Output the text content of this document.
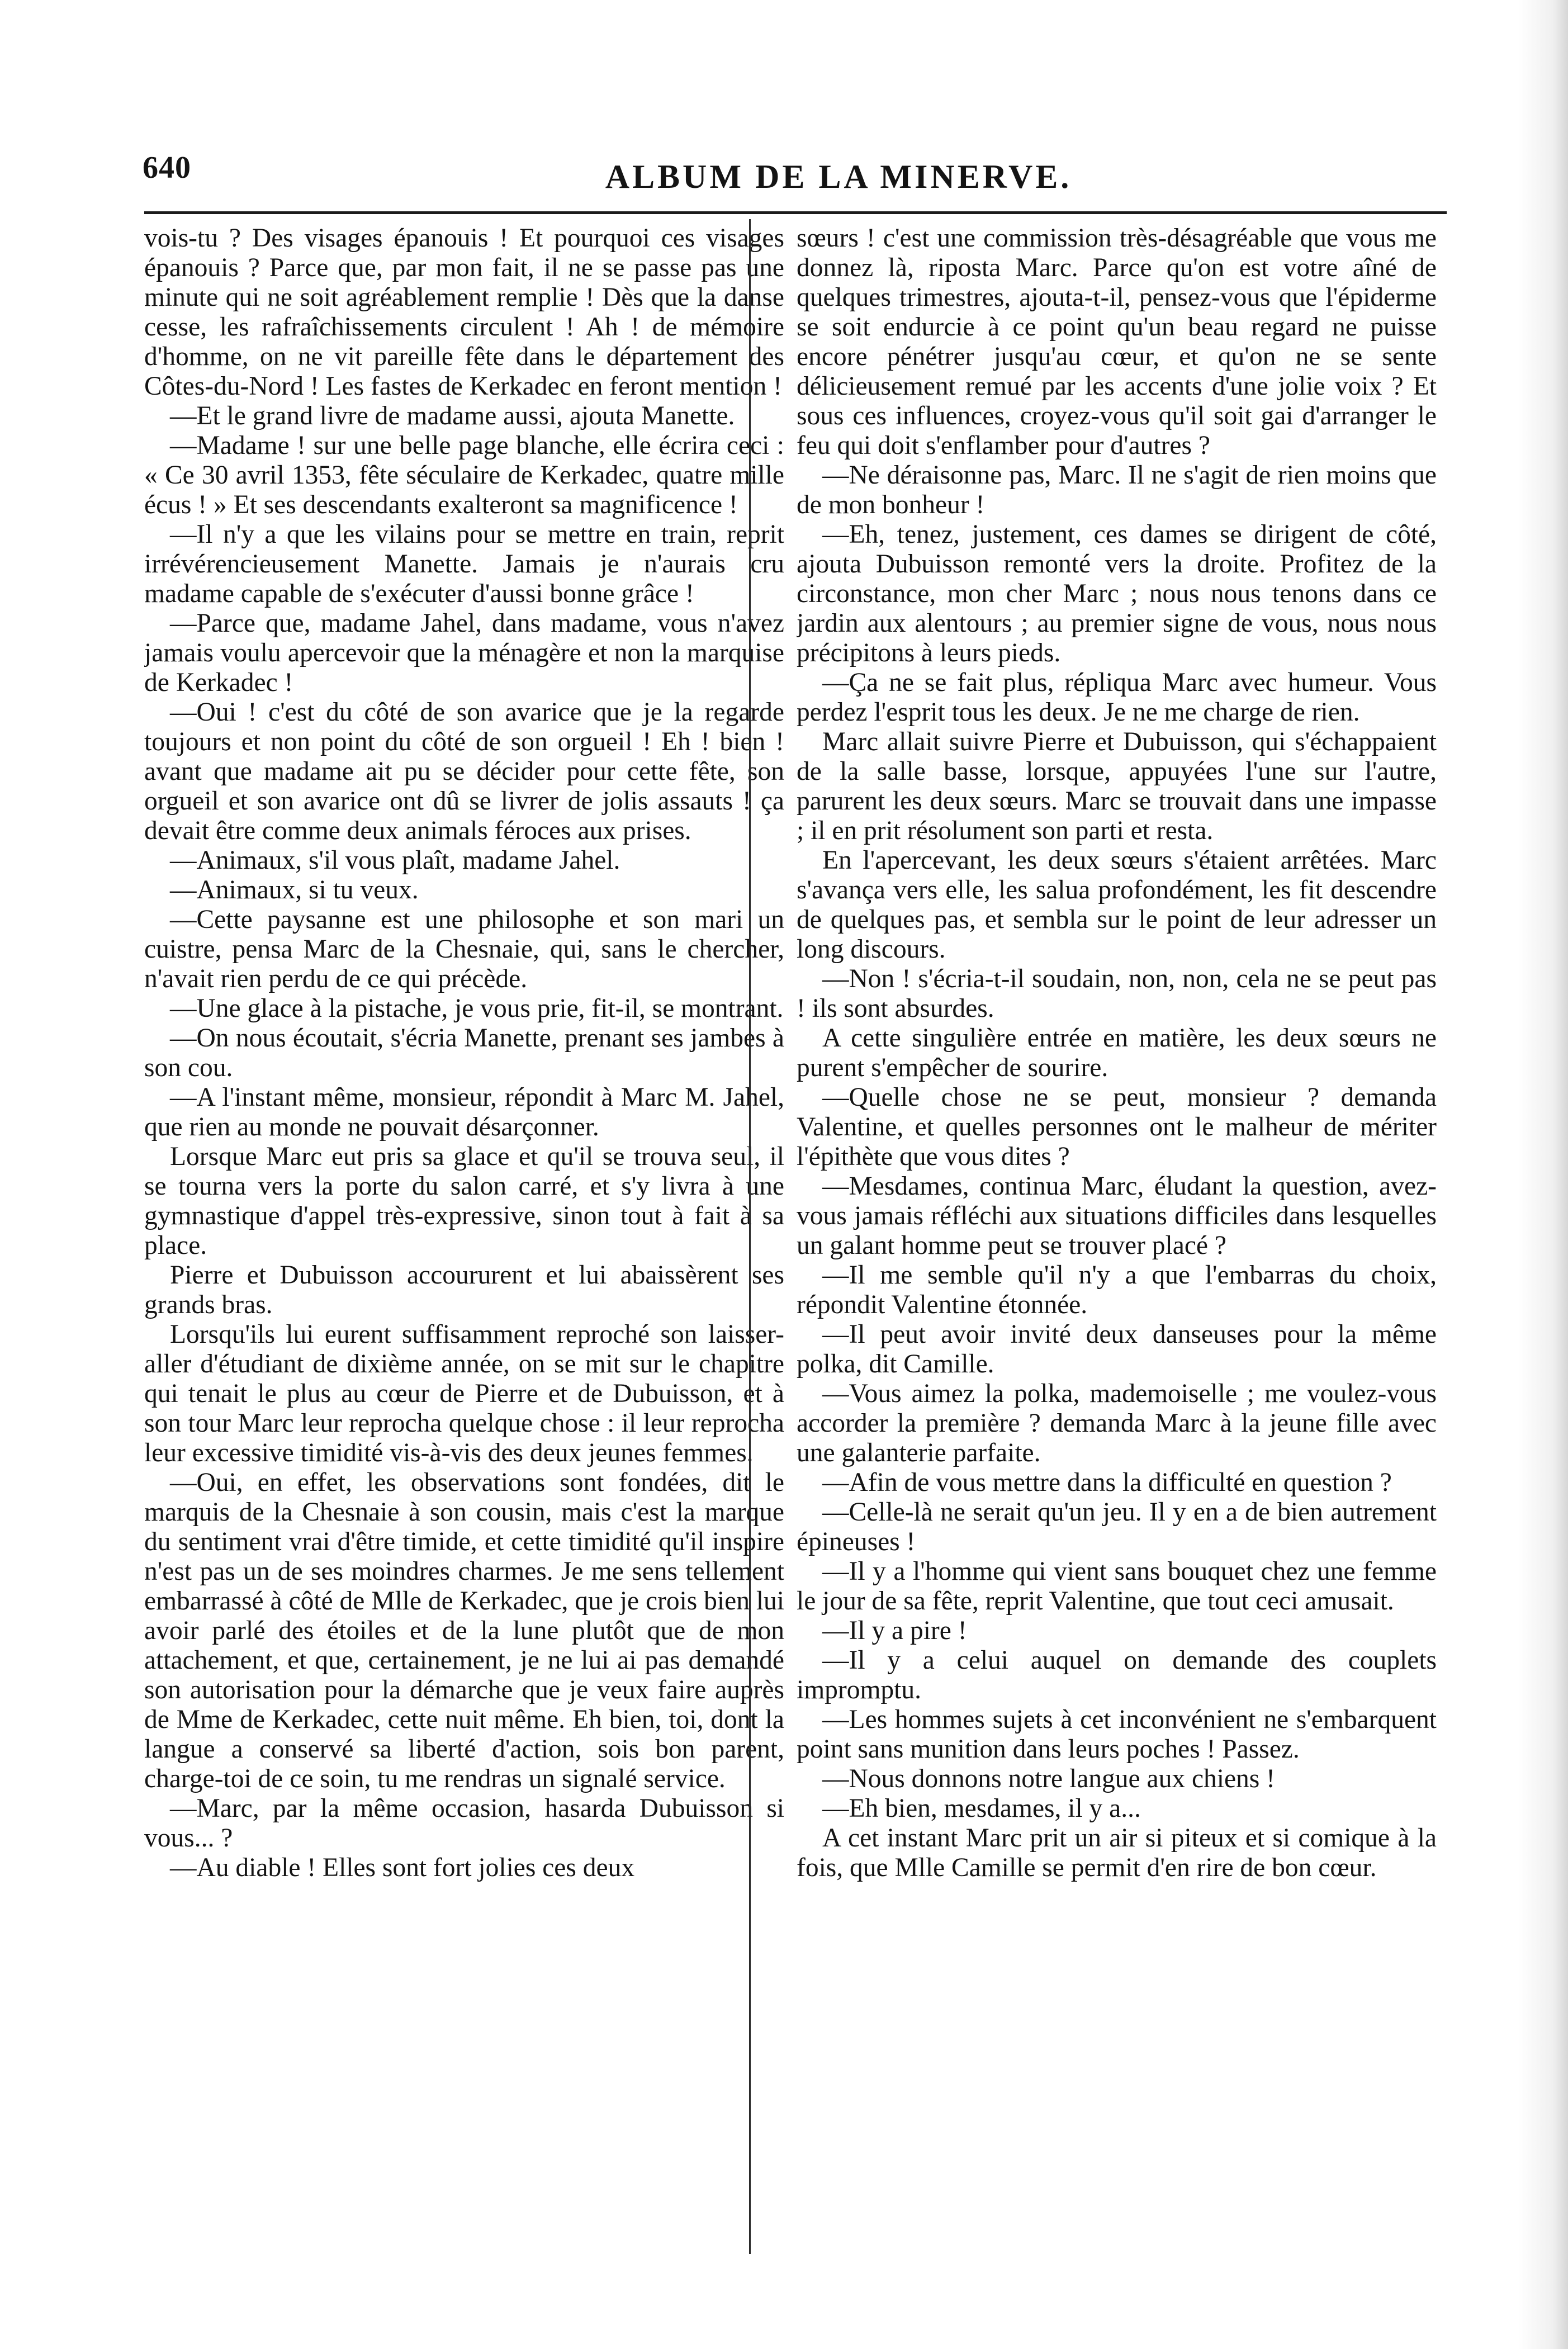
640	ALBUM DE LA MINERVE.

vois-tu ? Des visages épanouis ! Et pourquoi ces visages épanouis ? Parce que, par mon fait, il ne se passe pas une minute qui ne soit agréablement remplie ! Dès que la danse cesse, les rafraîchissements circulent ! Ah ! de mémoire d'homme, on ne vit pareille fête dans le département des Côtes-du-Nord ! Les fastes de Kerkadec en feront mention !

—Et le grand livre de madame aussi, ajouta Manette.

—Madame ! sur une belle page blanche, elle écrira ceci : « Ce 30 avril 1353, fête séculaire de Kerkadec, quatre mille écus ! » Et ses descendants exalteront sa magnificence !

—Il n'y a que les vilains pour se mettre en train, reprit irrévérencieusement Manette. Jamais je n'aurais cru madame capable de s'exécuter d'aussi bonne grâce !

—Parce que, madame Jahel, dans madame, vous n'avez jamais voulu apercevoir que la ménagère et non la marquise de Kerkadec !

—Oui ! c'est du côté de son avarice que je la regarde toujours et non point du côté de son orgueil ! Eh ! bien ! avant que madame ait pu se décider pour cette fête, son orgueil et son avarice ont dû se livrer de jolis assauts ! ça devait être comme deux animals féroces aux prises.

—Animaux, s'il vous plaît, madame Jahel.

—Animaux, si tu veux.

—Cette paysanne est une philosophe et son mari un cuistre, pensa Marc de la Chesnaie, qui, sans le chercher, n'avait rien perdu de ce qui précède.

—Une glace à la pistache, je vous prie, fit-il, se montrant.

—On nous écoutait, s'écria Manette, prenant ses jambes à son cou.

—A l'instant même, monsieur, répondit à Marc M. Jahel, que rien au monde ne pouvait désarçonner.

Lorsque Marc eut pris sa glace et qu'il se trouva seul, il se tourna vers la porte du salon carré, et s'y livra à une gymnastique d'appel très-expressive, sinon tout à fait à sa place.

Pierre et Dubuisson accoururent et lui abaissèrent ses grands bras.

Lorsqu'ils lui eurent suffisamment reproché son laisser-aller d'étudiant de dixième année, on se mit sur le chapitre qui tenait le plus au cœur de Pierre et de Dubuisson, et à son tour Marc leur reprocha quelque chose : il leur reprocha leur excessive timidité vis-à-vis des deux jeunes femmes.

—Oui, en effet, les observations sont fondées, dit le marquis de la Chesnaie à son cousin, mais c'est la marque du sentiment vrai d'être timide, et cette timidité qu'il inspire n'est pas un de ses moindres charmes. Je me sens tellement embarrassé à côté de Mlle de Kerkadec, que je crois bien lui avoir parlé des étoiles et de la lune plutôt que de mon attachement, et que, certainement, je ne lui ai pas demandé son autorisation pour la démarche que je veux faire auprès de Mme de Kerkadec, cette nuit même. Eh bien, toi, dont la langue a conservé sa liberté d'action, sois bon parent, charge-toi de ce soin, tu me rendras un signalé service.

—Marc, par la même occasion, hasarda Dubuisson si vous... ?

—Au diable ! Elles sont fort jolies ces deux

sœurs ! c'est une commission très-désagréable que vous me donnez là, riposta Marc. Parce qu'on est votre aîné de quelques trimestres, ajouta-t-il, pensez-vous que l'épiderme se soit endurcie à ce point qu'un beau regard ne puisse encore pénétrer jusqu'au cœur, et qu'on ne se sente délicieusement remué par les accents d'une jolie voix ? Et sous ces influences, croyez-vous qu'il soit gai d'arranger le feu qui doit s'enflamber pour d'autres ?

—Ne déraisonne pas, Marc. Il ne s'agit de rien moins que de mon bonheur !

—Eh, tenez, justement, ces dames se dirigent de côté, ajouta Dubuisson remonté vers la droite. Profitez de la circonstance, mon cher Marc ; nous nous tenons dans ce jardin aux alentours ; au premier signe de vous, nous nous précipitons à leurs pieds.

—Ça ne se fait plus, répliqua Marc avec humeur. Vous perdez l'esprit tous les deux. Je ne me charge de rien.

Marc allait suivre Pierre et Dubuisson, qui s'échappaient de la salle basse, lorsque, appuyées l'une sur l'autre, parurent les deux sœurs. Marc se trouvait dans une impasse ; il en prit résolument son parti et resta.

En l'apercevant, les deux sœurs s'étaient arrêtées. Marc s'avança vers elle, les salua profondément, les fit descendre de quelques pas, et sembla sur le point de leur adresser un long discours.

—Non ! s'écria-t-il soudain, non, non, cela ne se peut pas ! ils sont absurdes.

A cette singulière entrée en matière, les deux sœurs ne purent s'empêcher de sourire.

—Quelle chose ne se peut, monsieur ? demanda Valentine, et quelles personnes ont le malheur de mériter l'épithète que vous dites ?

—Mesdames, continua Marc, éludant la question, avez-vous jamais réfléchi aux situations difficiles dans lesquelles un galant homme peut se trouver placé ?

—Il me semble qu'il n'y a que l'embarras du choix, répondit Valentine étonnée.

—Il peut avoir invité deux danseuses pour la même polka, dit Camille.

—Vous aimez la polka, mademoiselle ; me voulez-vous accorder la première ? demanda Marc à la jeune fille avec une galanterie parfaite.

—Afin de vous mettre dans la difficulté en question ?

—Celle-là ne serait qu'un jeu. Il y en a de bien autrement épineuses !

—Il y a l'homme qui vient sans bouquet chez une femme le jour de sa fête, reprit Valentine, que tout ceci amusait.

—Il y a pire !

—Il y a celui auquel on demande des couplets impromptu.

—Les hommes sujets à cet inconvénient ne s'embarquent point sans munition dans leurs poches ! Passez.

—Nous donnons notre langue aux chiens !

—Eh bien, mesdames, il y a...

A cet instant Marc prit un air si piteux et si comique à la fois, que Mlle Camille se permit d'en rire de bon cœur.
